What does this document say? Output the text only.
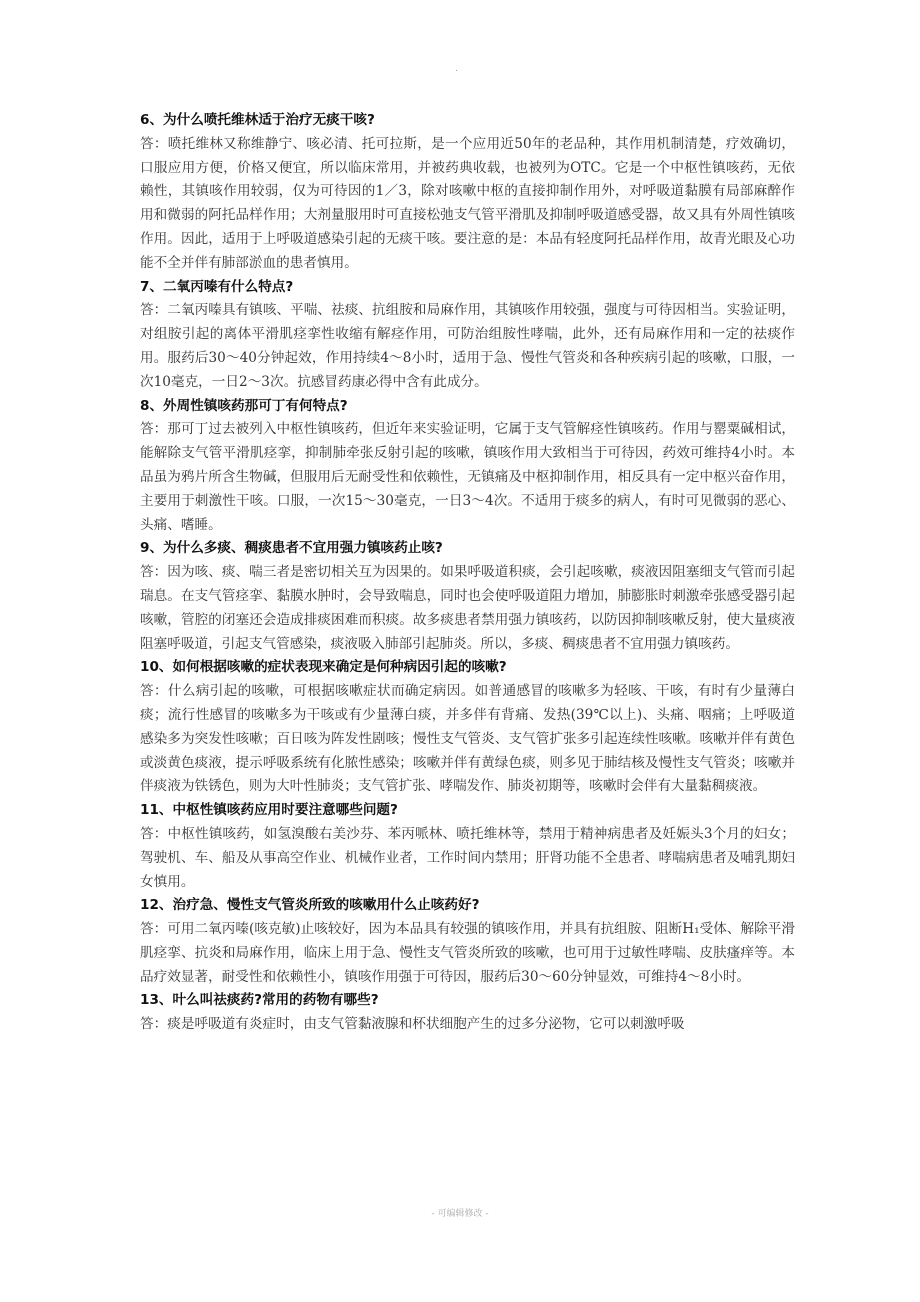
.

6、为什么喷托维林适于治疗无痰干咳?

答：喷托维林又称维静宁、咳必清、托可拉斯，是一个应用近50年的老品种，其作用机制清楚，疗效确切，口服应用方便，价格又便宜，所以临床常用，并被药典收载，也被列为OTC。它是一个中枢性镇咳药，无依赖性，其镇咳作用较弱，仅为可待因的1／3，除对咳嗽中枢的直接抑制作用外，对呼吸道黏膜有局部麻醉作用和微弱的阿托品样作用；大剂量服用时可直接松弛支气管平滑肌及抑制呼吸道感受器，故又具有外周性镇咳作用。因此，适用于上呼吸道感染引起的无痰干咳。要注意的是：本品有轻度阿托品样作用，故青光眼及心功能不全并伴有肺部淤血的患者慎用。

7、二氧丙嗪有什么特点?

答：二氧丙嗪具有镇咳、平喘、祛痰、抗组胺和局麻作用，其镇咳作用较强，强度与可待因相当。实验证明，对组胺引起的离体平滑肌痉挛性收缩有解痉作用，可防治组胺性哮喘，此外，还有局麻作用和一定的祛痰作用。服药后30～40分钟起效，作用持续4～8小时，适用于急、慢性气管炎和各种疾病引起的咳嗽，口服，一次10毫克，一日2～3次。抗感冒药康必得中含有此成分。

8、外周性镇咳药那可丁有何特点?

答：那可丁过去被列入中枢性镇咳药，但近年来实验证明，它属于支气管解痉性镇咳药。作用与罂粟碱相试，能解除支气管平滑肌痉挛，抑制肺牵张反射引起的咳嗽，镇咳作用大致相当于可待因，药效可维持4小时。本品虽为鸦片所含生物碱，但服用后无耐受性和依赖性，无镇痛及中枢抑制作用，相反具有一定中枢兴奋作用，主要用于刺激性干咳。口服，一次15～30毫克，一日3～4次。不适用于痰多的病人，有时可见微弱的恶心、头痛、嗜睡。

9、为什么多痰、稠痰患者不宜用强力镇咳药止咳?

答：因为咳、痰、喘三者是密切相关互为因果的。如果呼吸道积痰，会引起咳嗽，痰液因阻塞细支气管而引起瑞息。在支气管痉挛、黏膜水肿时，会导致喘息，同时也会使呼吸道阻力增加，肺膨胀时刺激牵张感受器引起咳嗽，管腔的闭塞还会造成排痰困难而积痰。故多痰患者禁用强力镇咳药，以防因抑制咳嗽反射，使大量痰液阻塞呼吸道，引起支气管感染，痰液吸入肺部引起肺炎。所以，多痰、稠痰患者不宜用强力镇咳药。

10、如何根据咳嗽的症状表现来确定是何种病因引起的咳嗽?

答：什么病引起的咳嗽，可根据咳嗽症状而确定病因。如普通感冒的咳嗽多为轻咳、干咳，有时有少量薄白痰；流行性感冒的咳嗽多为干咳或有少量薄白痰，并多伴有背痛、发热(39℃以上)、头痛、咽痛；上呼吸道感染多为突发性咳嗽；百日咳为阵发性剧咳；慢性支气管炎、支气管扩张多引起连续性咳嗽。咳嗽并伴有黄色或淡黄色痰液，提示呼吸系统有化脓性感染；咳嗽并伴有黄绿色痰，则多见于肺结核及慢性支气管炎；咳嗽并伴痰液为铁锈色，则为大叶性肺炎；支气管扩张、哮喘发作、肺炎初期等，咳嗽时会伴有大量黏稠痰液。

11、中枢性镇咳药应用时要注意哪些问题?

答：中枢性镇咳药，如氢溴酸右美沙芬、苯丙哌林、喷托维林等，禁用于精神病患者及妊娠头3个月的妇女；驾驶机、车、船及从事高空作业、机械作业者，工作时间内禁用；肝肾功能不全患者、哮喘病患者及哺乳期妇女慎用。

12、治疗急、慢性支气管炎所致的咳嗽用什么止咳药好?

答：可用二氧丙嗪(咳克敏)止咳较好，因为本品具有较强的镇咳作用，并具有抗组胺、阻断H₁受体、解除平滑肌痉挛、抗炎和局麻作用，临床上用于急、慢性支气管炎所致的咳嗽，也可用于过敏性哮喘、皮肤瘙痒等。本品疗效显著，耐受性和依赖性小，镇咳作用强于可待因，服药后30～60分钟显效，可维持4～8小时。

13、叶么叫祛痰药?常用的药物有哪些?

答：痰是呼吸道有炎症时，由支气管黏液腺和杯状细胞产生的过多分泌物，它可以刺激呼吸

- 可编辑修改 -
